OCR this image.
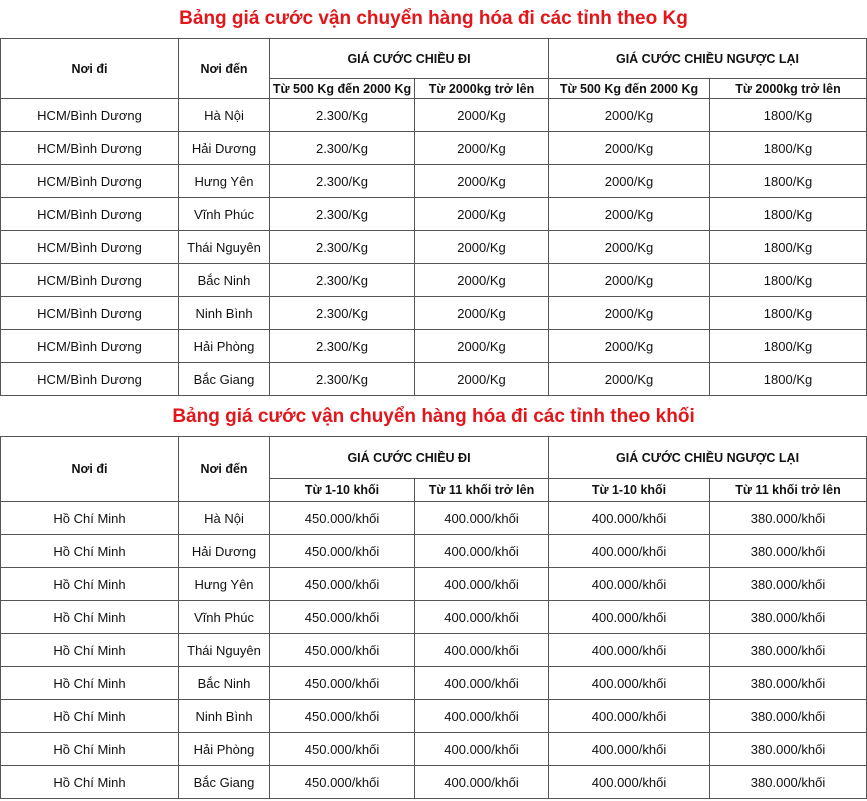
Bảng giá cước vận chuyển hàng hóa đi các tỉnh theo Kg					
Nơi đi	Nơi đến	GIÁ CƯỚC CHIỀU ĐI		GIÁ CƯỚC CHIỀU NGƯỢC LẠI	
		Từ 500 Kg đến 2000 Kg	Từ 2000kg trở lên	Từ 500 Kg đến 2000 Kg	Từ 2000kg trở lên
HCM/Bình Dương	Hà Nội	2.300/Kg	2000/Kg	2000/Kg	1800/Kg
HCM/Bình Dương	Hải Dương	2.300/Kg	2000/Kg	2000/Kg	1800/Kg
HCM/Bình Dương	Hưng Yên	2.300/Kg	2000/Kg	2000/Kg	1800/Kg
HCM/Bình Dương	Vĩnh Phúc	2.300/Kg	2000/Kg	2000/Kg	1800/Kg
HCM/Bình Dương	Thái Nguyên	2.300/Kg	2000/Kg	2000/Kg	1800/Kg
HCM/Bình Dương	Bắc Ninh	2.300/Kg	2000/Kg	2000/Kg	1800/Kg
HCM/Bình Dương	Ninh Bình	2.300/Kg	2000/Kg	2000/Kg	1800/Kg
HCM/Bình Dương	Hải Phòng	2.300/Kg	2000/Kg	2000/Kg	1800/Kg
HCM/Bình Dương	Bắc Giang	2.300/Kg	2000/Kg	2000/Kg	1800/Kg
Bảng giá cước vận chuyển hàng hóa đi các tỉnh theo khối					
Nơi đi	Nơi đến	GIÁ CƯỚC CHIỀU ĐI		GIÁ CƯỚC CHIỀU NGƯỢC LẠI	
		Từ 1-10 khối	Từ 11 khối trở lên	Từ 1-10 khối	Từ 11 khối trở lên
Hồ Chí Minh	Hà Nội	450.000/khối	400.000/khối	400.000/khối	380.000/khối
Hồ Chí Minh	Hải Dương	450.000/khối	400.000/khối	400.000/khối	380.000/khối
Hồ Chí Minh	Hưng Yên	450.000/khối	400.000/khối	400.000/khối	380.000/khối
Hồ Chí Minh	Vĩnh Phúc	450.000/khối	400.000/khối	400.000/khối	380.000/khối
Hồ Chí Minh	Thái Nguyên	450.000/khối	400.000/khối	400.000/khối	380.000/khối
Hồ Chí Minh	Bắc Ninh	450.000/khối	400.000/khối	400.000/khối	380.000/khối
Hồ Chí Minh	Ninh Bình	450.000/khối	400.000/khối	400.000/khối	380.000/khối
Hồ Chí Minh	Hải Phòng	450.000/khối	400.000/khối	400.000/khối	380.000/khối
Hồ Chí Minh	Bắc Giang	450.000/khối	400.000/khối	400.000/khối	380.000/khối
